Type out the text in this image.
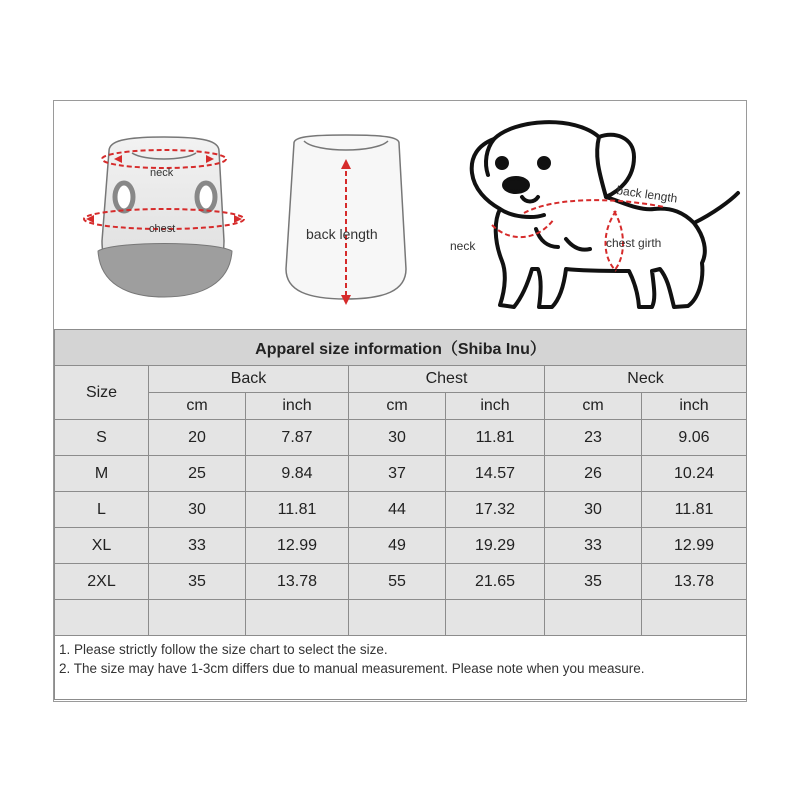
neck
chest	back length
back length
neck	chest girth
Apparel size information（Shiba Inu）						
Size	Back		Chest		Neck	
	cm	inch	cm	inch	cm	inch
S	20	7.87	30	11.81	23	9.06
M	25	9.84	37	14.57	26	10.24
L	30	11.81	44	17.32	30	11.81
XL	33	12.99	49	19.29	33	12.99
2XL	35	13.78	55	21.65	35	13.78

1. Please strictly follow the size chart to select the size.
2. The size may have 1-3cm differs due to manual measurement. Please note when you measure.						
